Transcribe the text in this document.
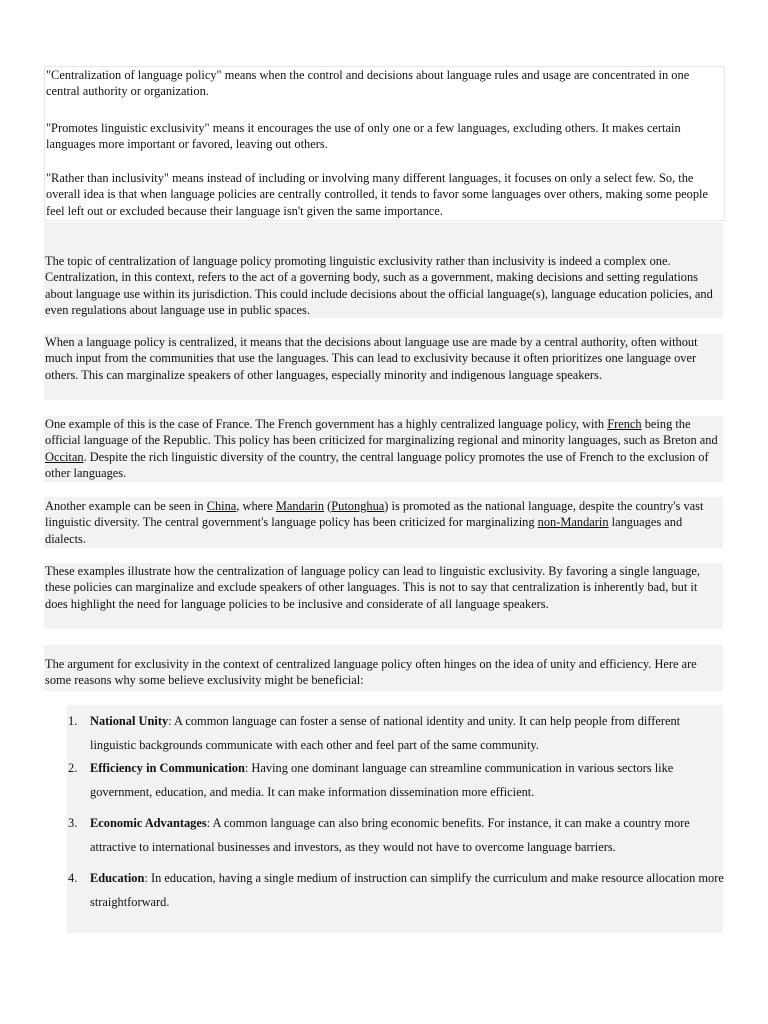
"Centralization of language policy" means when the control and decisions about language rules and usage are concentrated in one central authority or organization.

"Promotes linguistic exclusivity" means it encourages the use of only one or a few languages, excluding others. It makes certain languages more important or favored, leaving out others.

"Rather than inclusivity" means instead of including or involving many different languages, it focuses on only a select few. So, the overall idea is that when language policies are centrally controlled, it tends to favor some languages over others, making some people feel left out or excluded because their language isn't given the same importance.

The topic of centralization of language policy promoting linguistic exclusivity rather than inclusivity is indeed a complex one. Centralization, in this context, refers to the act of a governing body, such as a government, making decisions and setting regulations about language use within its jurisdiction. This could include decisions about the official language(s), language education policies, and even regulations about language use in public spaces.

When a language policy is centralized, it means that the decisions about language use are made by a central authority, often without much input from the communities that use the languages. This can lead to exclusivity because it often prioritizes one language over others. This can marginalize speakers of other languages, especially minority and indigenous language speakers.

One example of this is the case of France. The French government has a highly centralized language policy, with French being the official language of the Republic. This policy has been criticized for marginalizing regional and minority languages, such as Breton and Occitan. Despite the rich linguistic diversity of the country, the central language policy promotes the use of French to the exclusion of other languages.

Another example can be seen in China, where Mandarin (Putonghua) is promoted as the national language, despite the country's vast linguistic diversity. The central government's language policy has been criticized for marginalizing non-Mandarin languages and dialects.

These examples illustrate how the centralization of language policy can lead to linguistic exclusivity. By favoring a single language, these policies can marginalize and exclude speakers of other languages. This is not to say that centralization is inherently bad, but it does highlight the need for language policies to be inclusive and considerate of all language speakers.

The argument for exclusivity in the context of centralized language policy often hinges on the idea of unity and efficiency. Here are some reasons why some believe exclusivity might be beneficial:

1. National Unity: A common language can foster a sense of national identity and unity. It can help people from different linguistic backgrounds communicate with each other and feel part of the same community.
2. Efficiency in Communication: Having one dominant language can streamline communication in various sectors like government, education, and media. It can make information dissemination more efficient.
3. Economic Advantages: A common language can also bring economic benefits. For instance, it can make a country more attractive to international businesses and investors, as they would not have to overcome language barriers.
4. Education: In education, having a single medium of instruction can simplify the curriculum and make resource allocation more straightforward.
